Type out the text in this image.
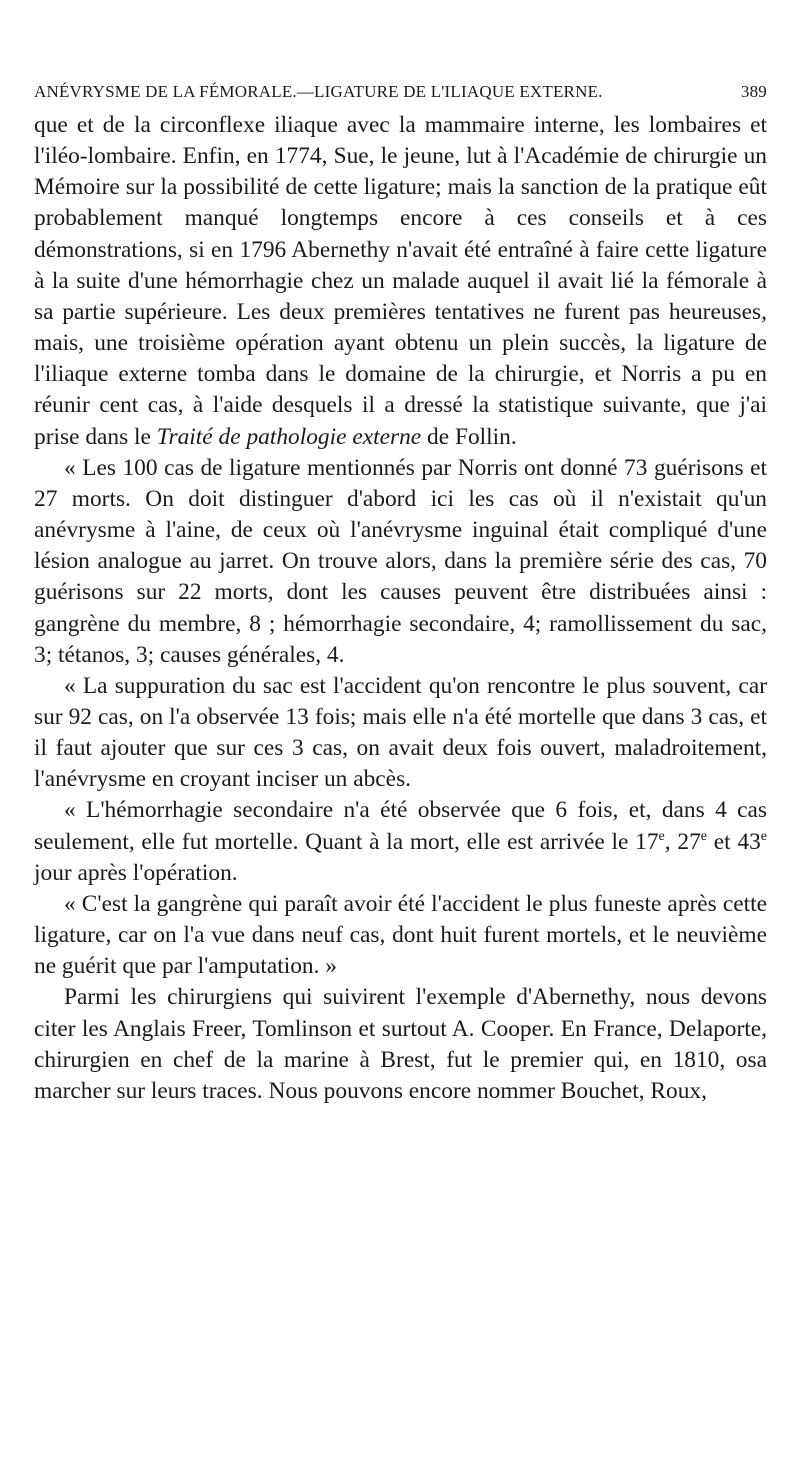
ANÉVRYSME DE LA FÉMORALE.—LIGATURE DE L'ILIAQUE EXTERNE.	389

que et de la circonflexe iliaque avec la mammaire interne, les lombaires et l'iléo-lombaire. Enfin, en 1774, Sue, le jeune, lut à l'Académie de chirurgie un Mémoire sur la possibilité de cette ligature; mais la sanction de la pratique eût probablement manqué longtemps encore à ces conseils et à ces démonstrations, si en 1796 Abernethy n'avait été entraîné à faire cette ligature à la suite d'une hémorrhagie chez un malade auquel il avait lié la fémorale à sa partie supérieure. Les deux premières tentatives ne furent pas heureuses, mais, une troisième opération ayant obtenu un plein succès, la ligature de l'iliaque externe tomba dans le domaine de la chirurgie, et Norris a pu en réunir cent cas, à l'aide desquels il a dressé la statistique suivante, que j'ai prise dans le Traité de pathologie externe de Follin.

« Les 100 cas de ligature mentionnés par Norris ont donné 73 guérisons et 27 morts. On doit distinguer d'abord ici les cas où il n'existait qu'un anévrysme à l'aine, de ceux où l'anévrysme inguinal était compliqué d'une lésion analogue au jarret. On trouve alors, dans la première série des cas, 70 guérisons sur 22 morts, dont les causes peuvent être distribuées ainsi : gangrène du membre, 8 ; hémorrhagie secondaire, 4; ramollissement du sac, 3; tétanos, 3; causes générales, 4.

« La suppuration du sac est l'accident qu'on rencontre le plus souvent, car sur 92 cas, on l'a observée 13 fois; mais elle n'a été mortelle que dans 3 cas, et il faut ajouter que sur ces 3 cas, on avait deux fois ouvert, maladroitement, l'anévrysme en croyant inciser un abcès.

« L'hémorrhagie secondaire n'a été observée que 6 fois, et, dans 4 cas seulement, elle fut mortelle. Quant à la mort, elle est arrivée le 17e, 27e et 43e jour après l'opération.

« C'est la gangrène qui paraît avoir été l'accident le plus funeste après cette ligature, car on l'a vue dans neuf cas, dont huit furent mortels, et le neuvième ne guérit que par l'amputation. »

Parmi les chirurgiens qui suivirent l'exemple d'Abernethy, nous devons citer les Anglais Freer, Tomlinson et surtout A. Cooper. En France, Delaporte, chirurgien en chef de la marine à Brest, fut le premier qui, en 1810, osa marcher sur leurs traces. Nous pouvons encore nommer Bouchet, Roux,
